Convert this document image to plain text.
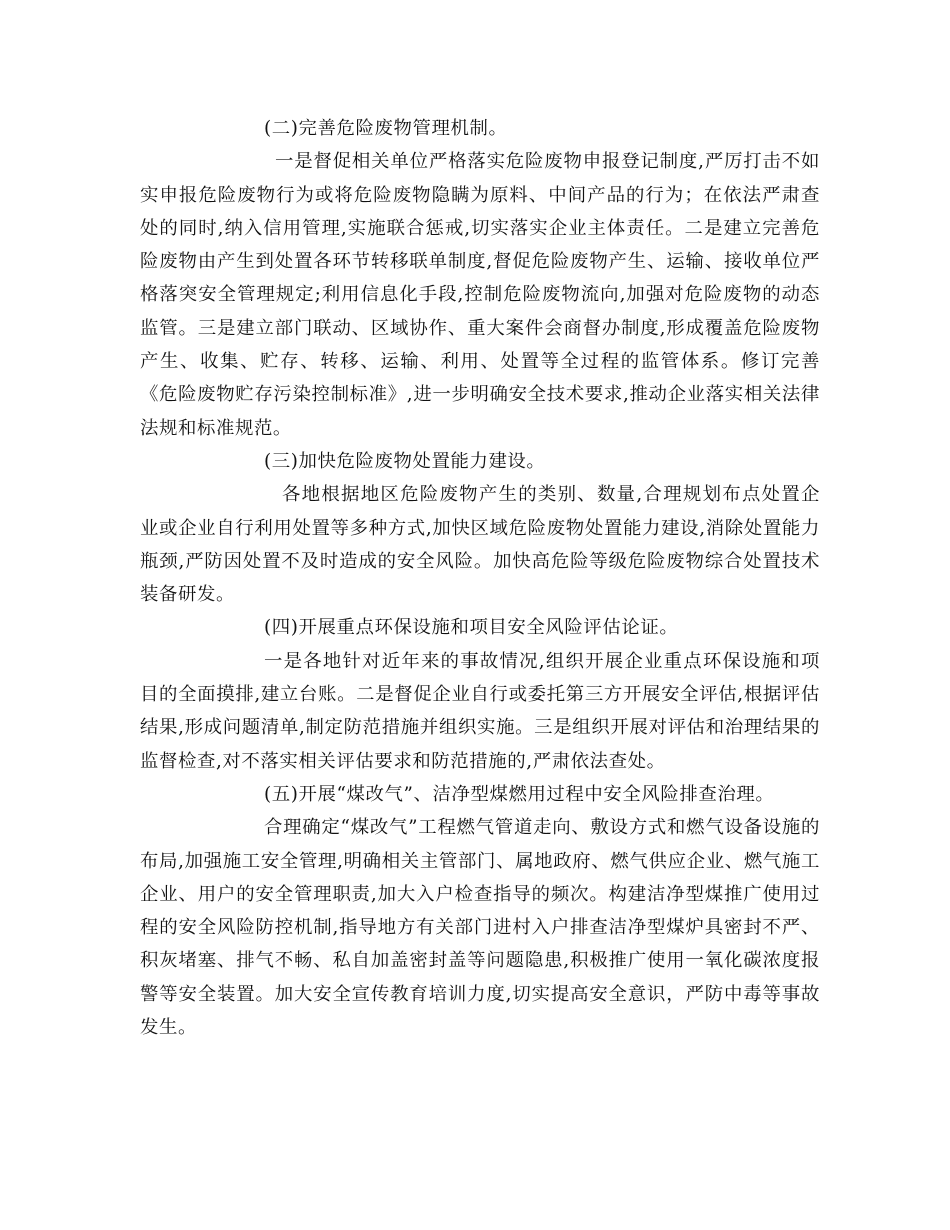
(二)完善危险废物管理机制。

一是督促相关单位严格落实危险废物申报登记制度,严厉打击不如实申报危险废物行为或将危险废物隐瞒为原料、中间产品的行为；在依法严肃查处的同时,纳入信用管理,实施联合惩戒,切实落实企业主体责任。二是建立完善危险废物由产生到处置各环节转移联单制度,督促危险废物产生、运输、接收单位严格落突安全管理规定;利用信息化手段,控制危险废物流向,加强对危险废物的动态监管。三是建立部门联动、区域协作、重大案件会商督办制度,形成覆盖危险废物产生、收集、贮存、转移、运输、利用、处置等全过程的监管体系。修订完善《危险废物贮存污染控制标准》,进一步明确安全技术要求,推动企业落实相关法律法规和标准规范。

(三)加快危险废物处置能力建设。

各地根据地区危险废物产生的类别、数量,合理规划布点处置企业或企业自行利用处置等多种方式,加快区域危险废物处置能力建设,消除处置能力瓶颈,严防因处置不及时造成的安全风险。加快高危险等级危险废物综合处置技术装备研发。

(四)开展重点环保设施和项目安全风险评估论证。

一是各地针对近年来的事故情况,组织开展企业重点环保设施和项目的全面摸排,建立台账。二是督促企业自行或委托第三方开展安全评估,根据评估结果,形成问题清单,制定防范措施并组织实施。三是组织开展对评估和治理结果的监督检查,对不落实相关评估要求和防范措施的,严肃依法查处。

(五)开展“煤改气”、洁净型煤燃用过程中安全风险排查治理。

合理确定“煤改气”工程燃气管道走向、敷设方式和燃气设备设施的布局,加强施工安全管理,明确相关主管部门、属地政府、燃气供应企业、燃气施工企业、用户的安全管理职责,加大入户检查指导的频次。构建洁净型煤推广使用过程的安全风险防控机制,指导地方有关部门进村入户排查洁净型煤炉具密封不严、积灰堵塞、排气不畅、私自加盖密封盖等问题隐患,积极推广使用一氧化碳浓度报警等安全装置。加大安全宣传教育培训力度,切实提高安全意识，严防中毒等事故发生。
